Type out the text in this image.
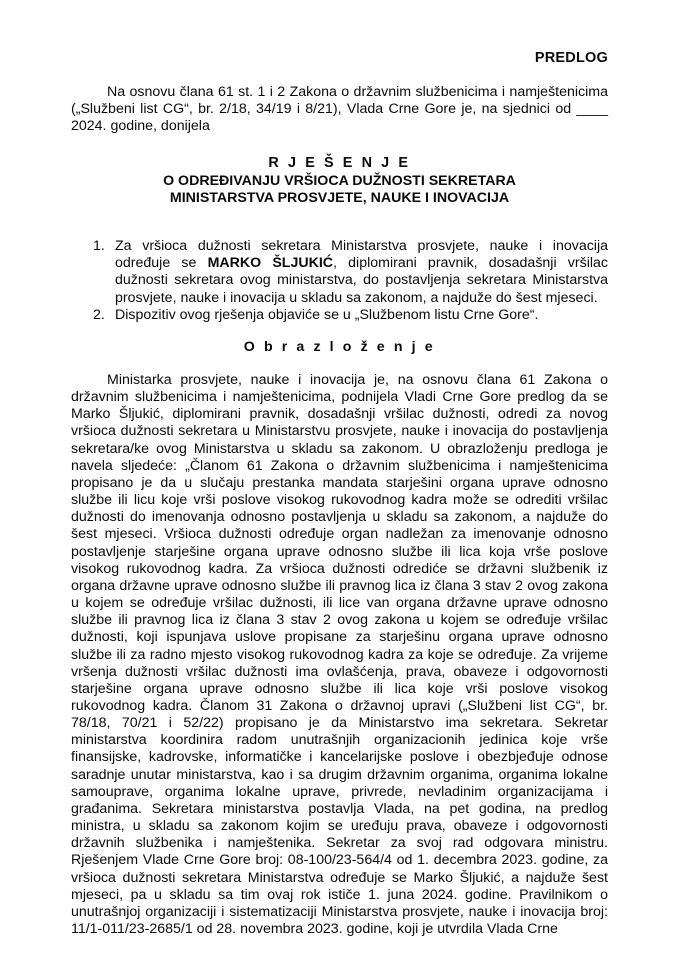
PREDLOG
Na osnovu člana 61 st. 1 i 2 Zakona o državnim službenicima i namještenicima („Službeni list CG“, br. 2/18, 34/19 i 8/21), Vlada Crne Gore je, na sjednici od ____ 2024. godine, donijela
R J E Š E N J E
O ODREĐIVANJU VRŠIOCA DUŽNOSTI SEKRETARA
MINISTARSTVA PROSVJETE, NAUKE I INOVACIJA
1. Za vršioca dužnosti sekretara Ministarstva prosvjete, nauke i inovacija određuje se MARKO ŠLJUKIĆ, diplomirani pravnik, dosadašnji vršilac dužnosti sekretara ovog ministarstva, do postavljenja sekretara Ministarstva prosvjete, nauke i inovacija u skladu sa zakonom, a najduže do šest mjeseci.
2. Dispozitiv ovog rješenja objaviće se u „Službenom listu Crne Gore“.
O b r a z l o ž e n j e
Ministarka prosvjete, nauke i inovacija je, na osnovu člana 61 Zakona o državnim službenicima i namještenicima, podnijela Vladi Crne Gore predlog da se Marko Šljukić, diplomirani pravnik, dosadašnji vršilac dužnosti, odredi za novog vršioca dužnosti sekretara u Ministarstvu prosvjete, nauke i inovacija do postavljenja sekretara/ke ovog Ministarstva u skladu sa zakonom. U obrazloženju predloga je navela sljedeće: „Članom 61 Zakona o državnim službenicima i namještenicima propisano je da u slučaju prestanka mandata starješini organa uprave odnosno službe ili licu koje vrši poslove visokog rukovodnog kadra može se odrediti vršilac dužnosti do imenovanja odnosno postavljenja u skladu sa zakonom, a najduže do šest mjeseci. Vršioca dužnosti određuje organ nadležan za imenovanje odnosno postavljenje starješine organa uprave odnosno službe ili lica koja vrše poslove visokog rukovodnog kadra. Za vršioca dužnosti odrediće se državni službenik iz organa državne uprave odnosno službe ili pravnog lica iz člana 3 stav 2 ovog zakona u kojem se određuje vršilac dužnosti, ili lice van organa državne uprave odnosno službe ili pravnog lica iz člana 3 stav 2 ovog zakona u kojem se određuje vršilac dužnosti, koji ispunjava uslove propisane za starješinu organa uprave odnosno službe ili za radno mjesto visokog rukovodnog kadra za koje se određuje. Za vrijeme vršenja dužnosti vršilac dužnosti ima ovlašćenja, prava, obaveze i odgovornosti starješine organa uprave odnosno službe ili lica koje vrši poslove visokog rukovodnog kadra. Članom 31 Zakona o državnoj upravi („Službeni list CG“, br. 78/18, 70/21 i 52/22) propisano je da Ministarstvo ima sekretara. Sekretar ministarstva koordinira radom unutrašnjih organizacionih jedinica koje vrše finansijske, kadrovske, informatičke i kancelarijske poslove i obezbjeđuje odnose saradnje unutar ministarstva, kao i sa drugim državnim organima, organima lokalne samouprave, organima lokalne uprave, privrede, nevladinim organizacijama i građanima. Sekretara ministarstva postavlja Vlada, na pet godina, na predlog ministra, u skladu sa zakonom kojim se uređuju prava, obaveze i odgovornosti državnih službenika i namještenika. Sekretar za svoj rad odgovara ministru. Rješenjem Vlade Crne Gore broj: 08-100/23-564/4 od 1. decembra 2023. godine, za vršioca dužnosti sekretara Ministarstva određuje se Marko Šljukić, a najduže šest mjeseci, pa u skladu sa tim ovaj rok ističe 1. juna 2024. godine. Pravilnikom o unutrašnjoj organizaciji i sistematizaciji Ministarstva prosvjete, nauke i inovacija broj: 11/1-011/23-2685/1 od 28. novembra 2023. godine, koji je utvrdila Vlada Crne
